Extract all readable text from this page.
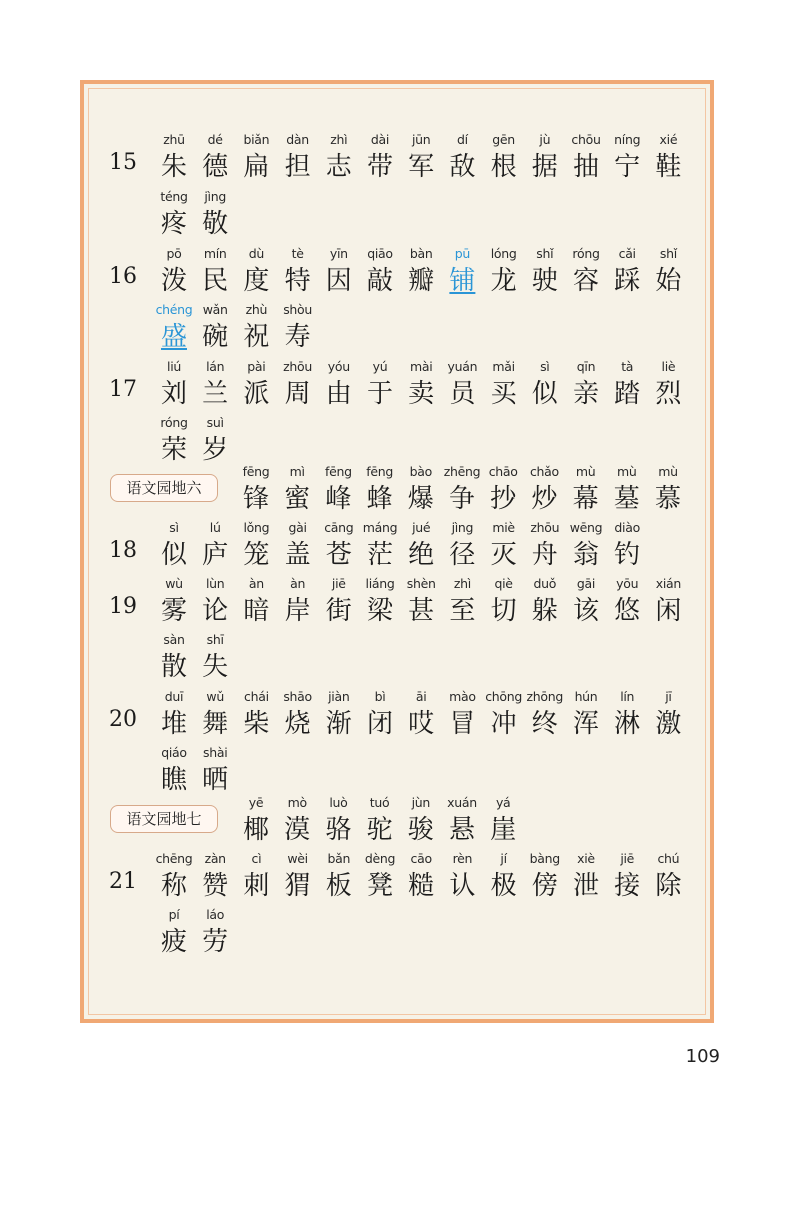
15
zhū
朱
dé
德
biǎn
扁
dàn
担
zhì
志
dài
带
jūn
军
dí
敌
gēn
根
jù
据
chōu
抽
níng
宁
xié
鞋
téng
疼
jìng
敬
16
pō
泼
mín
民
dù
度
tè
特
yīn
因
qiāo
敲
bàn
瓣
pū
铺
lóng
龙
shǐ
驶
róng
容
cǎi
踩
shǐ
始
chéng
盛
wǎn
碗
zhù
祝
shòu
寿
17
liú
刘
lán
兰
pài
派
zhōu
周
yóu
由
yú
于
mài
卖
yuán
员
mǎi
买
sì
似
qīn
亲
tà
踏
liè
烈
róng
荣
suì
岁
语文园地六
fēng
锋
mì
蜜
fēng
峰
fēng
蜂
bào
爆
zhēng
争
chāo
抄
chǎo
炒
mù
幕
mù
墓
mù
慕
18
sì
似
lú
庐
lǒng
笼
gài
盖
cāng
苍
máng
茫
jué
绝
jìng
径
miè
灭
zhōu
舟
wēng
翁
diào
钓
19
wù
雾
lùn
论
àn
暗
àn
岸
jiē
街
liáng
梁
shèn
甚
zhì
至
qiè
切
duǒ
躲
gāi
该
yōu
悠
xián
闲
sàn
散
shī
失
20
duī
堆
wǔ
舞
chái
柴
shāo
烧
jiàn
渐
bì
闭
āi
哎
mào
冒
chōng
冲
zhōng
终
hún
浑
lín
淋
jī
激
qiáo
瞧
shài
晒
语文园地七
yē
椰
mò
漠
luò
骆
tuó
驼
jùn
骏
xuán
悬
yá
崖
21
chēng
称
zàn
赞
cì
刺
wèi
猬
bǎn
板
dèng
凳
cāo
糙
rèn
认
jí
极
bàng
傍
xiè
泄
jiē
接
chú
除
pí
疲
láo
劳
109
